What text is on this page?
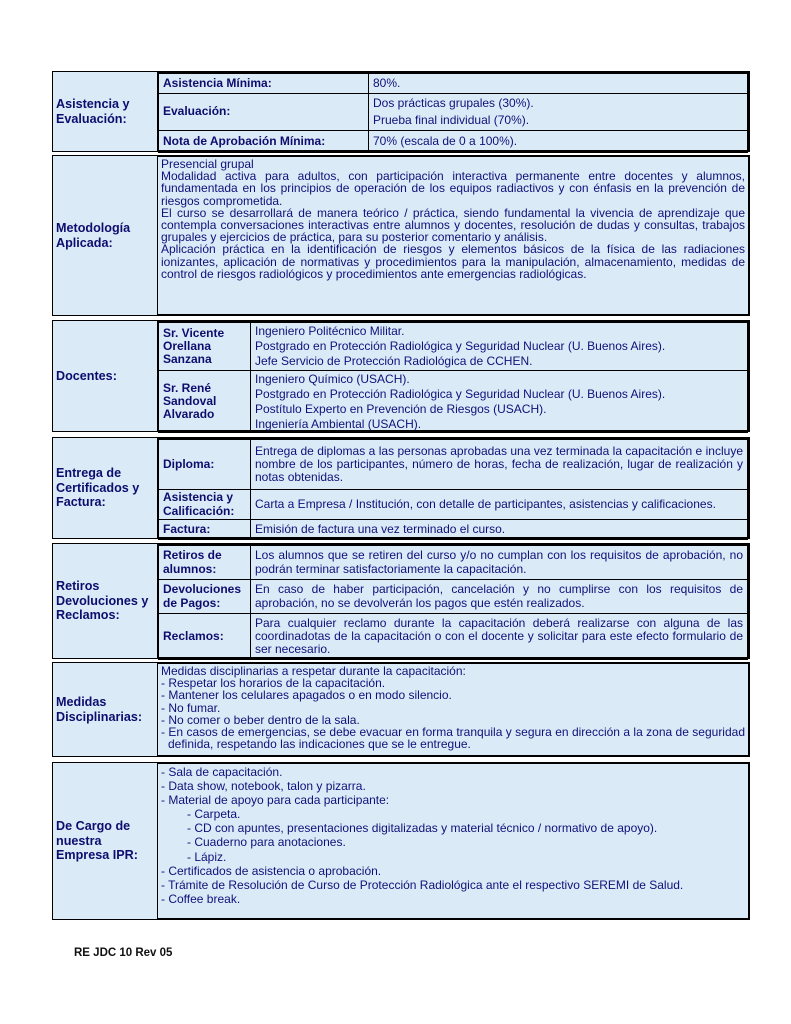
Asistencia y Evaluación:
Asistencia Mínima:	80%.
Evaluación:	Dos prácticas grupales (30%).
Prueba final individual (70%).

Nota de Aprobación Mínima:	70% (escala de 0 a 100%).
Metodología Aplicada:
Presencial grupal
Modalidad activa para adultos, con participación interactiva permanente entre docentes y alumnos, fundamentada en los principios de operación de los equipos radiactivos y con énfasis en la prevención de riesgos comprometida.
El curso se desarrollará de manera teórico / práctica, siendo fundamental la vivencia de aprendizaje que contempla conversaciones interactivas entre alumnos y docentes, resolución de dudas y consultas, trabajos grupales y ejercicios de práctica, para su posterior comentario y análisis.
Aplicación práctica en la identificación de riesgos y elementos básicos de la física de las radiaciones ionizantes, aplicación de normativas y procedimientos para la manipulación, almacenamiento, medidas de control de riesgos radiológicos y procedimientos ante emergencias radiológicas.
Docentes:
Sr. Vicente Orellana Sanzana	Ingeniero Politécnico Militar.
Postgrado en Protección Radiológica y Seguridad Nuclear (U. Buenos Aires).
Jefe Servicio de Protección Radiológica de CCHEN.

Sr. René Sandoval Alvarado	Ingeniero Químico (USACH).
Postgrado en Protección Radiológica y Seguridad Nuclear (U. Buenos Aires).
Postítulo Experto en Prevención de Riesgos (USACH).
Ingeniería Ambiental (USACH).
Entrega de Certificados y Factura:
Diploma:	Entrega de diplomas a las personas aprobadas una vez terminada la capacitación e incluye nombre de los participantes, número de horas, fecha de realización, lugar de realización y notas obtenidas.
Asistencia y Calificación:	Carta a Empresa / Institución, con detalle de participantes, asistencias y calificaciones.
Factura:	Emisión de factura una vez terminado el curso.
Retiros Devoluciones y Reclamos:
Retiros de alumnos:	Los alumnos que se retiren del curso y/o no cumplan con los requisitos de aprobación, no podrán terminar satisfactoriamente la capacitación.
Devoluciones de Pagos:	En caso de haber participación, cancelación y no cumplirse con los requisitos de aprobación, no se devolverán los pagos que estén realizados.
Reclamos:	Para cualquier reclamo durante la capacitación deberá realizarse con alguna de las coordinadotas de la capacitación o con el docente y solicitar para este efecto formulario de ser necesario.
Medidas Disciplinarias:
Medidas disciplinarias a respetar durante la capacitación:
- Respetar los horarios de la capacitación.
- Mantener los celulares apagados o en modo silencio.
- No fumar.
- No comer o beber dentro de la sala.
- En casos de emergencias, se debe evacuar en forma tranquila y segura en dirección a la zona de seguridad definida, respetando las indicaciones que se le entregue.
De Cargo de nuestra Empresa IPR:
- Sala de capacitación.
- Data show, notebook, talon y pizarra.
- Material de apoyo para cada participante:
- Carpeta.
- CD con apuntes, presentaciones digitalizadas y material técnico / normativo de apoyo).
- Cuaderno para anotaciones.
- Lápiz.
- Certificados de asistencia o aprobación.
- Trámite de Resolución de Curso de Protección Radiológica ante el respectivo SEREMI de Salud.
- Coffee break.
RE JDC 10 Rev 05
